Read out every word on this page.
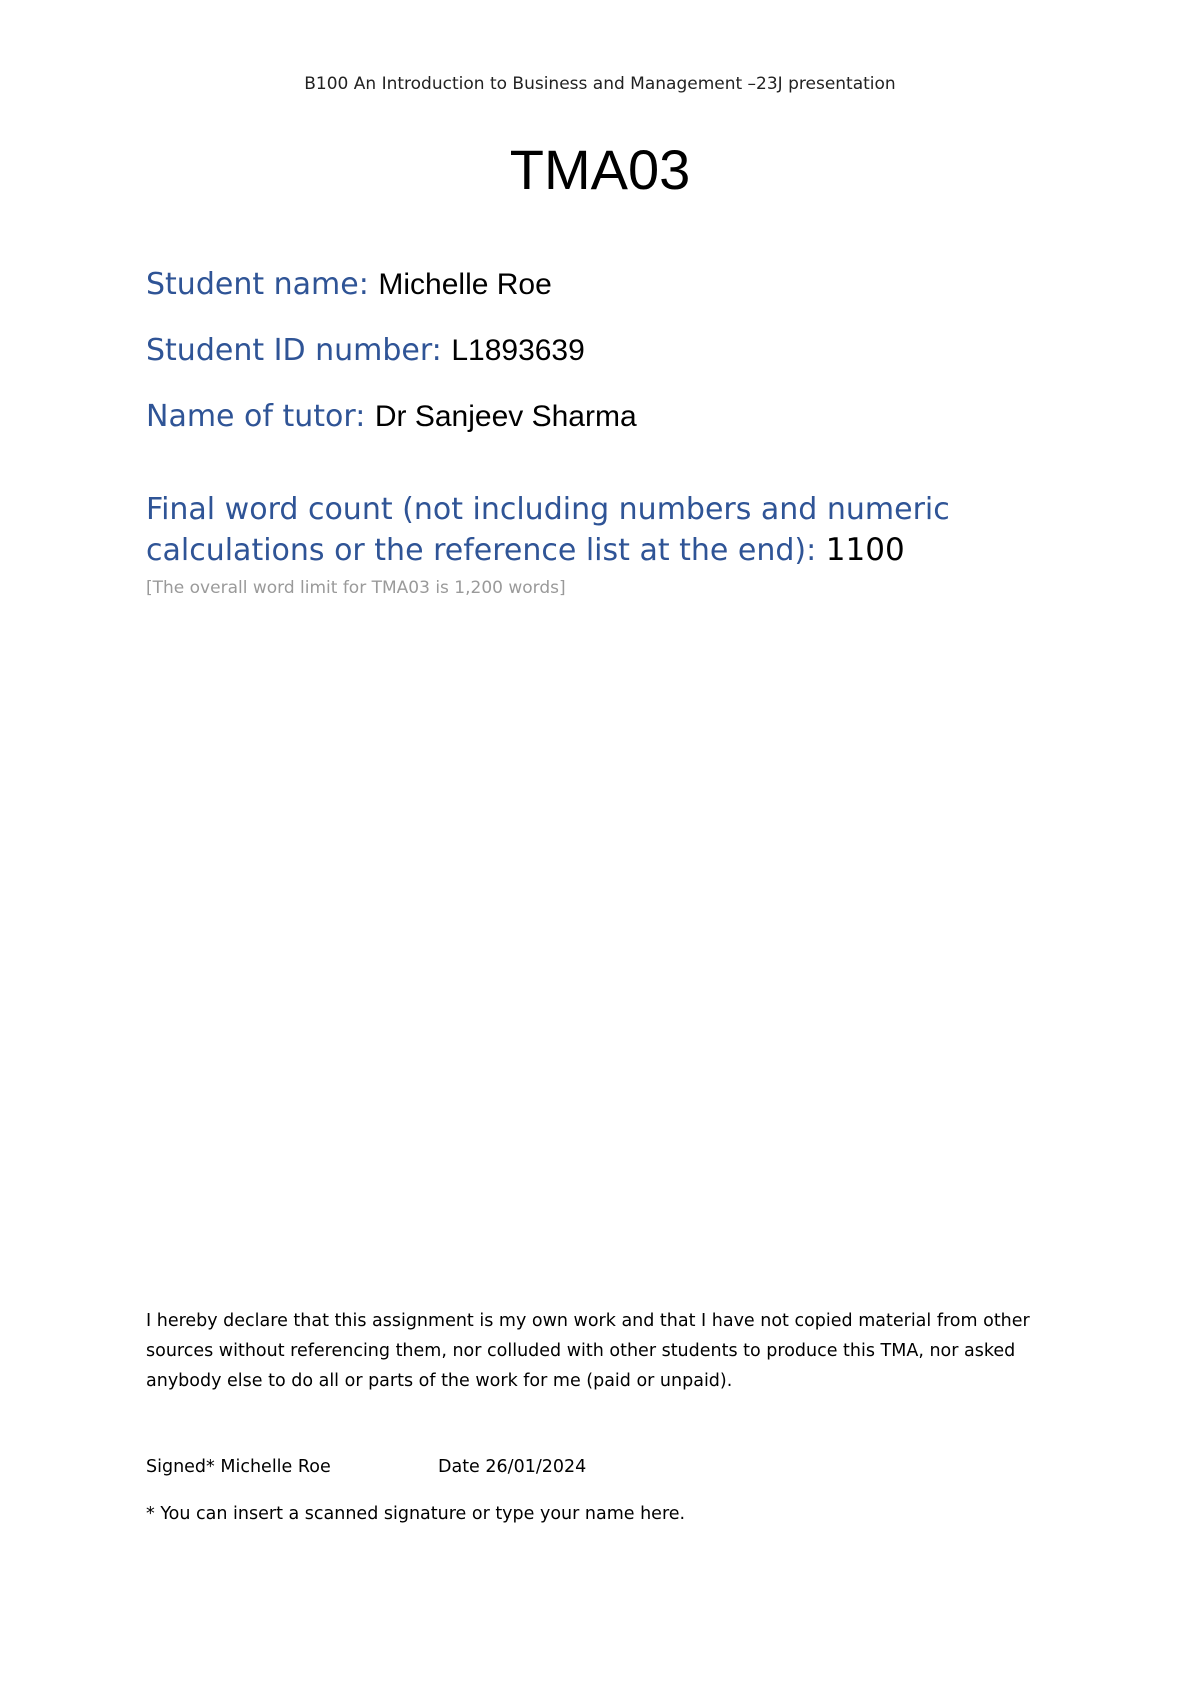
B100 An Introduction to Business and Management –23J presentation
TMA03
Student name: Michelle Roe
Student ID number: L1893639
Name of tutor: Dr Sanjeev Sharma
Final word count (not including numbers and numeric calculations or the reference list at the end): 1100
[The overall word limit for TMA03 is 1,200 words]
I hereby declare that this assignment is my own work and that I have not copied material from other sources without referencing them, nor colluded with other students to produce this TMA, nor asked anybody else to do all or parts of the work for me (paid or unpaid).
Signed* Michelle Roe	Date 26/01/2024
* You can insert a scanned signature or type your name here.
